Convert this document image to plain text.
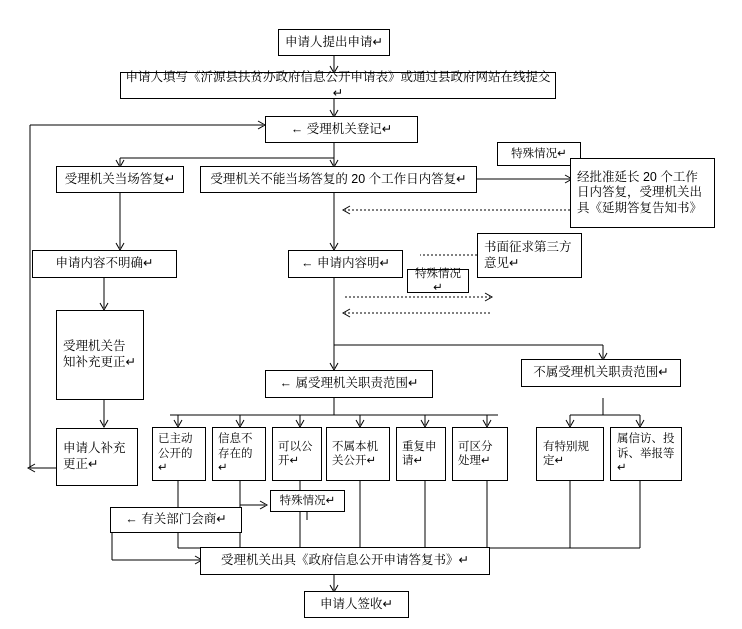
申请人提出申请↵
申请人填写《沂源县扶贫办政府信息公开申请表》或通过县政府网站在线提交↵
← 受理机关登记↵
受理机关当场答复↵	受理机关不能当场答复的 20 个工作日内答复↵
特殊情况↵
经批准延长 20 个工作日内答复，受理机关出具《延期答复告知书》
书面征求第三方意见↵
申请内容不明确↵	← 申请内容明↵
特殊情况↵
受理机关告知补充更正↵
申请人补充更正↵
← 属受理机关职责范围↵
不属受理机关职责范围↵
已主动公开的↵
信息不存在的↵
可以公开↵
不属本机关公开↵
重复申请↵
可区分处理↵
有特别规定↵
属信访、投诉、举报等↵
特殊情况↵
← 有关部门会商↵
受理机关出具《政府信息公开申请答复书》↵
申请人签收↵
